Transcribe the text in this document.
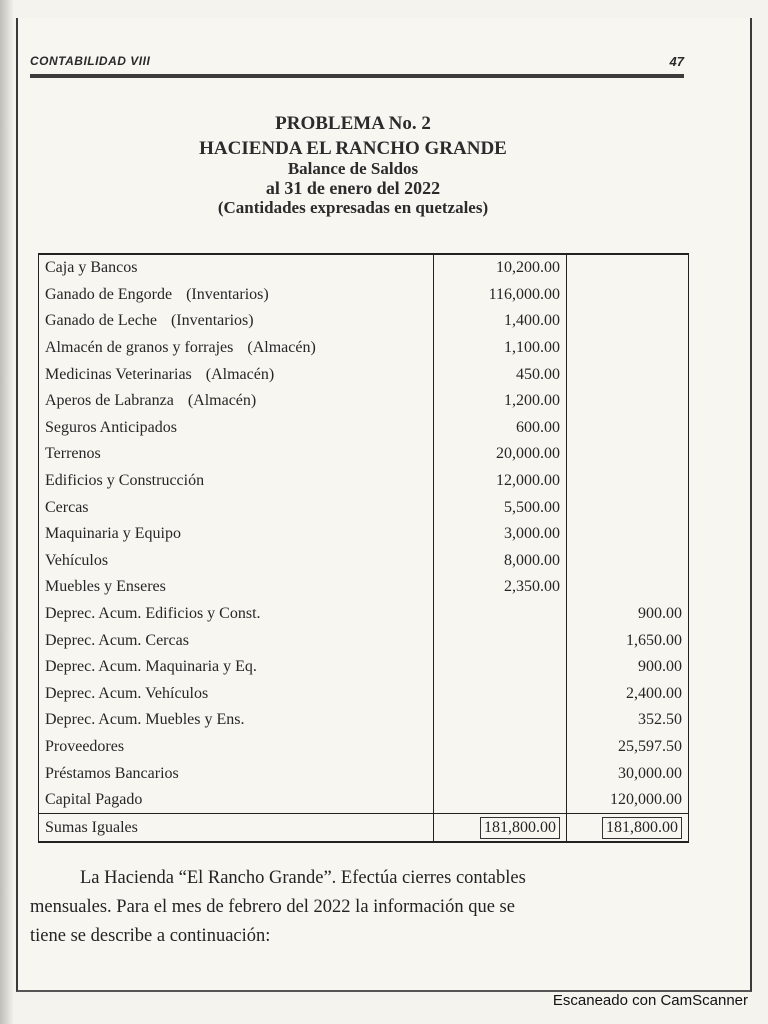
CONTABILIDAD VIII	47
PROBLEMA No. 2
HACIENDA EL RANCHO GRANDE
Balance de Saldos
al 31 de enero del 2022
(Cantidades expresadas en quetzales)
Caja y Bancos	10,200.00	
Ganado de Engorde (Inventarios)	116,000.00	
Ganado de Leche (Inventarios)	1,400.00	
Almacén de granos y forrajes (Almacén)	1,100.00	
Medicinas Veterinarias (Almacén)	450.00	
Aperos de Labranza (Almacén)	1,200.00	
Seguros Anticipados	600.00	
Terrenos	20,000.00	
Edificios y Construcción	12,000.00	
Cercas	5,500.00	
Maquinaria y Equipo	3,000.00	
Vehículos	8,000.00	
Muebles y Enseres	2,350.00	
Deprec. Acum. Edificios y Const.		900.00
Deprec. Acum. Cercas		1,650.00
Deprec. Acum. Maquinaria y Eq.		900.00
Deprec. Acum. Vehículos		2,400.00
Deprec. Acum. Muebles y Ens.		352.50
Proveedores		25,597.50
Préstamos Bancarios		30,000.00
Capital Pagado		120,000.00
Sumas Iguales	181,800.00	181,800.00

La Hacienda “El Rancho Grande”. Efectúa cierres contables

mensuales. Para el mes de febrero del 2022 la información que se

tiene se describe a continuación:

Escaneado con CamScanner
